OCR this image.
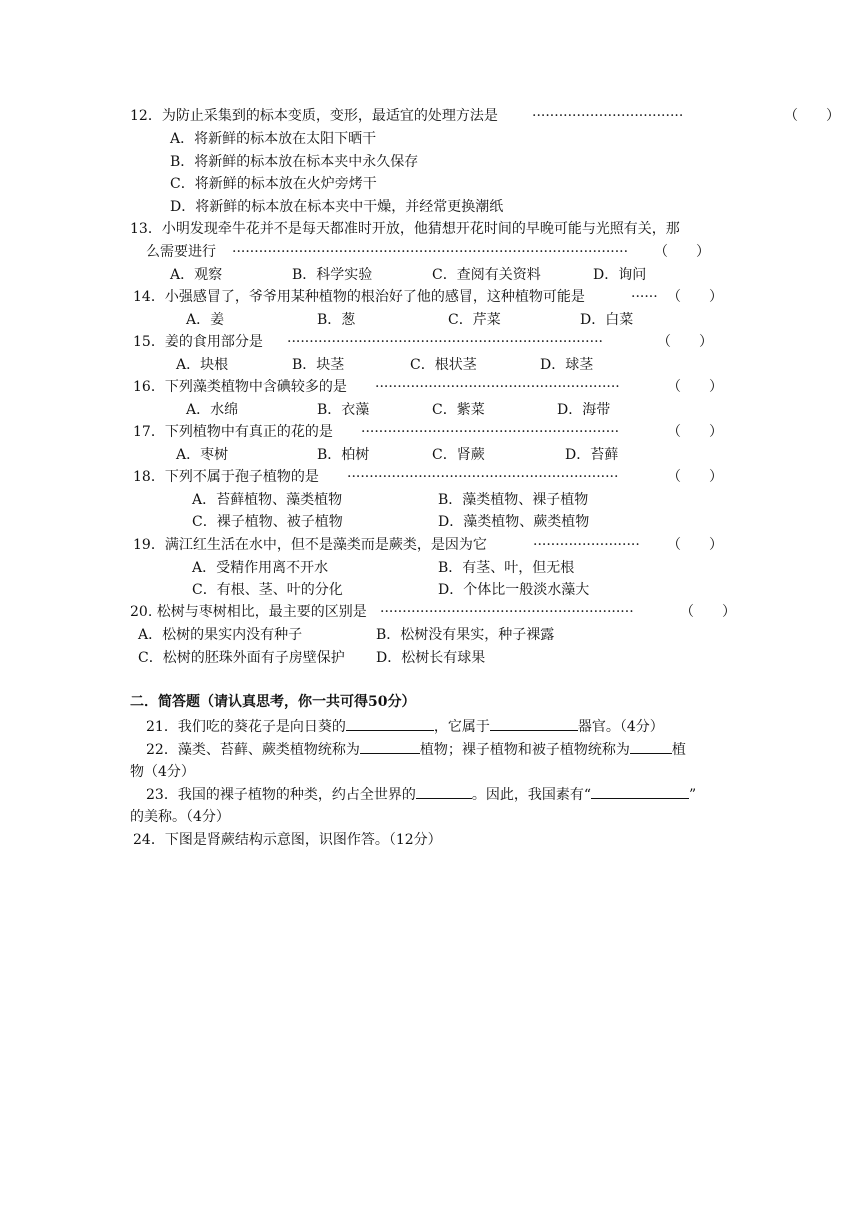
12．为防止采集到的标本变质，变形，最适宜的处理方法是 ··································	（　　）
A．将新鲜的标本放在太阳下晒干
B．将新鲜的标本放在标本夹中永久保存
C．将新鲜的标本放在火炉旁烤干
D．将新鲜的标本放在标本夹中干燥，并经常更换潮纸
13．小明发现牵牛花并不是每天都准时开放，他猜想开花时间的早晚可能与光照有关，那
么需要进行 ·························································································	（　　）
A．观察	B．科学实验	C．查阅有关资料	D．询问
14．小强感冒了，爷爷用某种植物的根治好了他的感冒，这种植物可能是	······ （　　）
A．姜	B．葱	C．芹菜	D．白菜
15．姜的食用部分是 ·······································································	（　　）
A．块根	B．块茎	C．根状茎	D．球茎
16．下列藻类植物中含碘较多的是 ·······················································	（　　）
A．水绵	B．衣藻	C．紫菜	D．海带
17．下列植物中有真正的花的是 ··························································	（　　）
A．枣树	B．柏树	C．肾蕨	D．苔藓
18．下列不属于孢子植物的是 ·····························································	（　　）
A．苔藓植物、藻类植物	B．藻类植物、裸子植物
C．裸子植物、被子植物	D．藻类植物、蕨类植物
19．满江红生活在水中，但不是藻类而是蕨类，是因为它	························	（　　）
A．受精作用离不开水	B．有茎、叶，但无根
C．有根、茎、叶的分化	D．个体比一般淡水藻大
20. 松树与枣树相比，最主要的区别是 ·························································	（　　）
A．松树的果实内没有种子	B．松树没有果实，种子裸露
C．松树的胚珠外面有子房壁保护 D．松树长有球果
二．简答题（请认真思考，你一共可得50分）
21．我们吃的葵花子是向日葵的	，它属于	器官。（4分）
22．藻类、苔藓、蕨类植物统称为	植物；裸子植物和被子植物统称为	植
物（4分）
23．我国的裸子植物的种类，约占全世界的	。因此，我国素有“	”
的美称。（4分）
24．下图是肾蕨结构示意图，识图作答。（12分）
